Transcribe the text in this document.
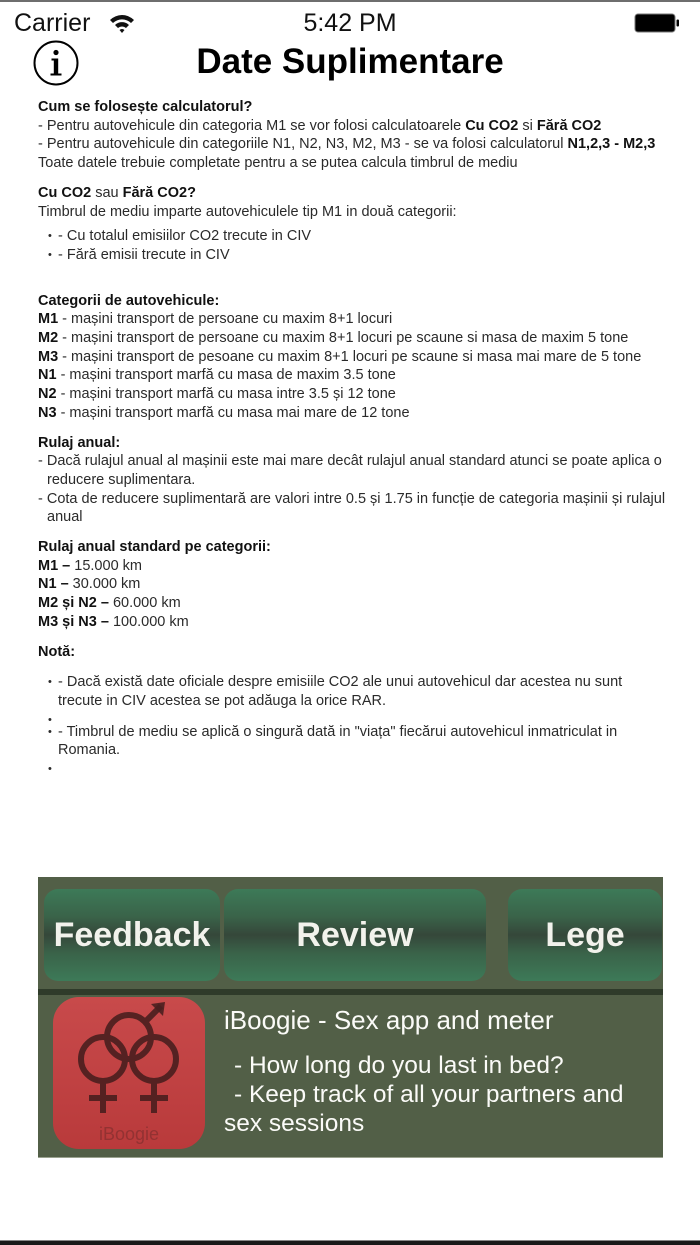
Carrier	5:42 PM
Date Suplimentare

Cum se folosește calculatorul?

- Pentru autovehicule din categoria M1 se vor folosi calculatoarele Cu CO2 si Fără CO2

- Pentru autovehicule din categoriile N1, N2, N3, M2, M3 - se va folosi calculatorul N1,2,3 - M2,3

Toate datele trebuie completate pentru a se putea calcula timbrul de mediu

Cu CO2 sau Fără CO2?

Timbrul de mediu imparte autovehiculele tip M1 in două categorii:

• - Cu totalul emisiilor CO2 trecute in CIV
• - Fără emisii trecute in CIV

Categorii de autovehicule:

M1 - mașini transport de persoane cu maxim 8+1 locuri

M2 - mașini transport de persoane cu maxim 8+1 locuri pe scaune si masa de maxim 5 tone

M3 - mașini transport de pesoane cu maxim 8+1 locuri pe scaune si masa mai mare de 5 tone

N1 - mașini transport marfă cu masa de maxim 3.5 tone

N2 - mașini transport marfă cu masa intre 3.5 și 12 tone

N3 - mașini transport marfă cu masa mai mare de 12 tone

Rulaj anual:

- Dacă rulajul anual al mașinii este mai mare decât rulajul anual standard atunci se poate aplica o reducere suplimentara.

- Cota de reducere suplimentară are valori intre 0.5 și 1.75 in funcție de categoria mașinii și rulajul anual

Rulaj anual standard pe categorii:

M1 – 15.000 km

N1 – 30.000 km

M2 și N2 – 60.000 km

M3 și N3 – 100.000 km

Notă:

• - Dacă există date oficiale despre emisiile CO2 ale unui autovehicul dar acestea nu sunt trecute in CIV acestea se pot adăuga la orice RAR.
•
• - Timbrul de mediu se aplică o singură dată in "viața" fiecărui autovehicul inmatriculat in Romania.
•
Feedback	Review	Lege
iBoogie
iBoogie - Sex app and meter

- How long do you last in bed?

- Keep track of all your partners and

sex sessions
